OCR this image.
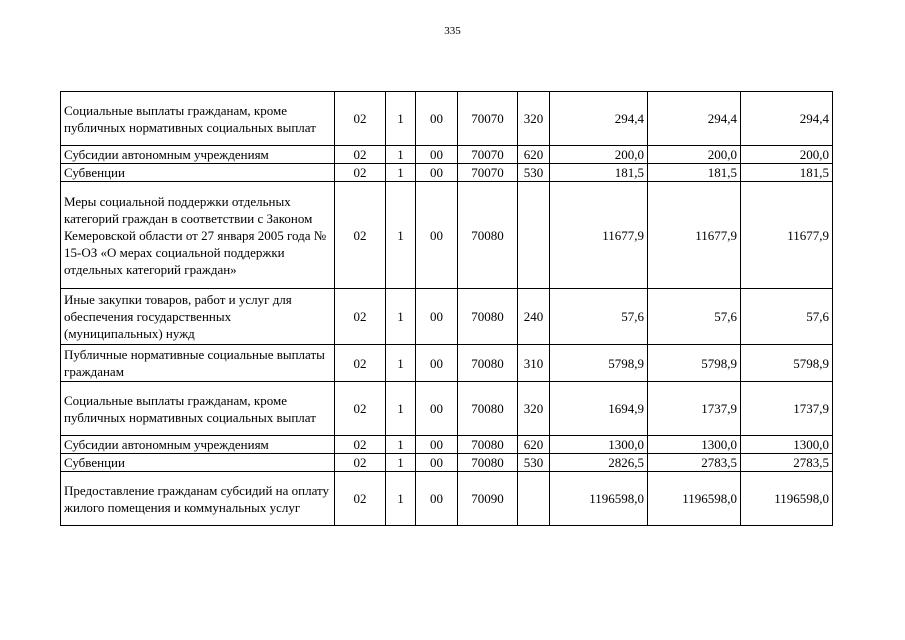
335
Социальные выплаты гражданам, кроме публичных нормативных социальных выплат	02	1	00	70070	320	294,4	294,4	294,4
Субсидии автономным учреждениям	02	1	00	70070	620	200,0	200,0	200,0
Субвенции	02	1	00	70070	530	181,5	181,5	181,5
Меры социальной поддержки отдельных категорий граждан в соответствии с Законом Кемеровской области от 27 января 2005 года № 15-ОЗ «О мерах социальной поддержки отдельных категорий граждан»	02	1	00	70080		11677,9	11677,9	11677,9
Иные закупки товаров, работ и услуг для обеспечения государственных (муниципальных) нужд	02	1	00	70080	240	57,6	57,6	57,6
Публичные нормативные социальные выплаты гражданам	02	1	00	70080	310	5798,9	5798,9	5798,9
Социальные выплаты гражданам, кроме публичных нормативных социальных выплат	02	1	00	70080	320	1694,9	1737,9	1737,9
Субсидии автономным учреждениям	02	1	00	70080	620	1300,0	1300,0	1300,0
Субвенции	02	1	00	70080	530	2826,5	2783,5	2783,5
Предоставление гражданам субсидий на оплату жилого помещения и коммунальных услуг	02	1	00	70090		1196598,0	1196598,0	1196598,0
